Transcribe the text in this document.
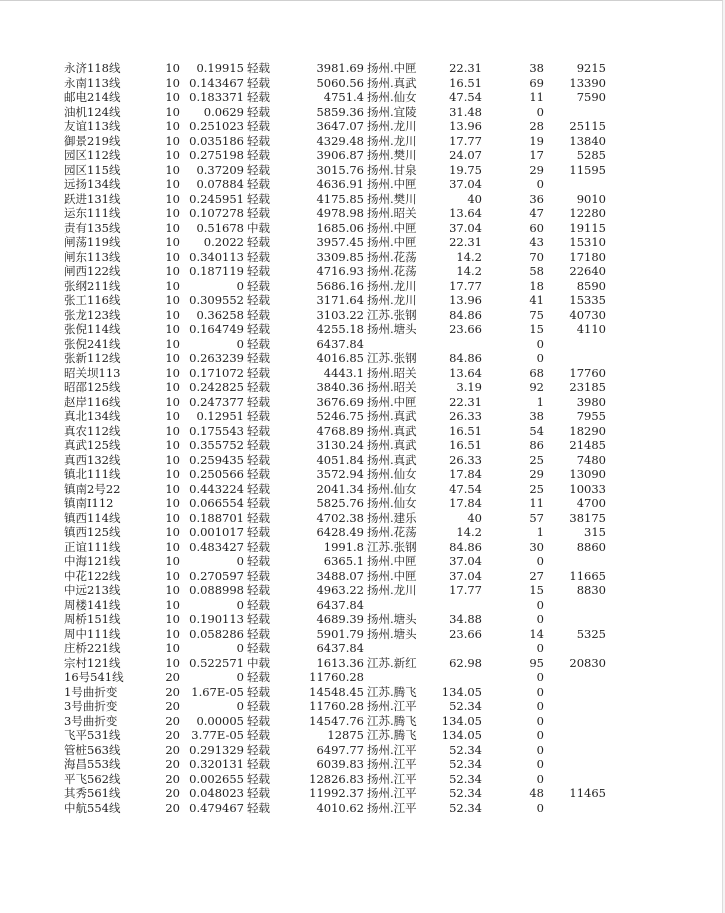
永济118线	10	0.19915 轻载	3981.69 扬州.中匣	22.31	38	9215
永南113线	10 0.143467 轻载	5060.56 扬州.真武	16.51	69	13390
邮电214线	10 0.183371 轻载	4751.4 扬州.仙女	47.54	11	7590
油机124线	10	0.0629 轻载	5859.36 扬州.宜陵	31.48	0
友谊113线	10 0.251023 轻载	3647.07 扬州.龙川	13.96	28	25115
御景219线	10 0.035186 轻载	4329.48 扬州.龙川	17.77	19	13840
园区112线	10 0.275198 轻载	3906.87 扬州.樊川	24.07	17	5285
园区115线	10	0.37209 轻载	3015.76 扬州.甘泉	19.75	29	11595
远扬134线	10	0.07884 轻载	4636.91 扬州.中匣	37.04	0
跃进131线	10 0.245951 轻载	4175.85 扬州.樊川	40	36	9010
运东111线	10 0.107278 轻载	4978.98 扬州.昭关	13.64	47	12280
责有135线	10	0.51678 中载	1685.06 扬州.中匣	37.04	60	19115
闸荡119线	10	0.2022 轻载	3957.45 扬州.中匣	22.31	43	15310
闸东113线	10 0.340113 轻载	3309.85 扬州.花荡	14.2	70	17180
闸西122线	10 0.187119 轻载	4716.93 扬州.花荡	14.2	58	22640
张纲211线	10	0 轻载	5686.16 扬州.龙川	17.77	18	8590
张工116线	10 0.309552 轻载	3171.64 扬州.龙川	13.96	41	15335
张龙123线	10	0.36258 轻载	3103.22 江苏.张钢	84.86	75	40730
张倪114线	10 0.164749 轻载	4255.18 扬州.塘头	23.66	15	4110
张倪241线	10	0 轻载	6437.84	0
张新112线	10 0.263239 轻载	4016.85 江苏.张钢	84.86	0
昭关坝113	10 0.171072 轻载	4443.1 扬州.昭关	13.64	68	17760
昭邵125线	10 0.242825 轻载	3840.36 扬州.昭关	3.19	92	23185
赵岸116线	10 0.247377 轻载	3676.69 扬州.中匣	22.31	1	3980
真北134线	10	0.12951 轻载	5246.75 扬州.真武	26.33	38	7955
真农112线	10 0.175543 轻载	4768.89 扬州.真武	16.51	54	18290
真武125线	10 0.355752 轻载	3130.24 扬州.真武	16.51	86	21485
真西132线	10 0.259435 轻载	4051.84 扬州.真武	26.33	25	7480
镇北111线	10 0.250566 轻载	3572.94 扬州.仙女	17.84	29	13090
镇南2号22	10 0.443224 轻载	2041.34 扬州.仙女	47.54	25	10033
镇南Ⅰ112	10 0.066554 轻载	5825.76 扬州.仙女	17.84	11	4700
镇西114线	10 0.188701 轻载	4702.38 扬州.建乐	40	57	38175
镇西125线	10 0.001017 轻载	6428.49 扬州.花荡	14.2	1	315
正谊111线	10 0.483427 轻载	1991.8 江苏.张钢	84.86	30	8860
中海121线	10	0 轻载	6365.1 扬州.中匣	37.04	0
中花122线	10 0.270597 轻载	3488.07 扬州.中匣	37.04	27	11665
中远213线	10 0.088998 轻载	4963.22 扬州.龙川	17.77	15	8830
周楼141线	10	0 轻载	6437.84	0
周桥151线	10 0.190113 轻载	4689.39 扬州.塘头	34.88	0
周中111线	10 0.058286 轻载	5901.79 扬州.塘头	23.66	14	5325
庄桥221线	10	0 轻载	6437.84	0
宗村121线	10 0.522571 中载	1613.36 江苏.新红	62.98	95	20830
16号541线	20	0 轻载	11760.28	0
1号曲折变	20 1.67E-05 轻载	14548.45 江苏.腾飞	134.05	0
3号曲折变	20	0 轻载	11760.28 扬州.江平	52.34	0
3号曲折变	20	0.00005 轻载	14547.76 江苏.腾飞	134.05	0
飞平531线	20 3.77E-05 轻载	12875 江苏.腾飞	134.05	0
管桩563线	20 0.291329 轻载	6497.77 扬州.江平	52.34	0
海昌553线	20 0.320131 轻载	6039.83 扬州.江平	52.34	0
平飞562线	20 0.002655 轻载	12826.83 扬州.江平	52.34	0
其秀561线	20 0.048023 轻载	11992.37 扬州.江平	52.34	48	11465
中航554线	20 0.479467 轻载	4010.62 扬州.江平	52.34	0
